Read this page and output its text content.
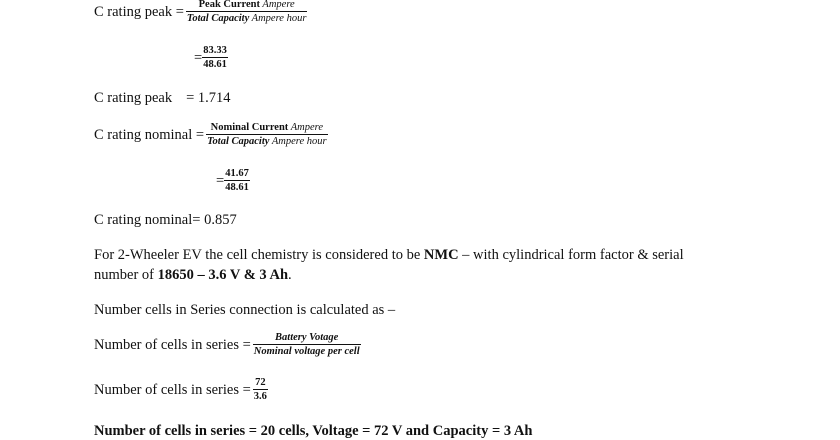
C rating peak = $\frac{\text{Peak Current Ampere}}{\text{Total Capacity Ampere hour}}$
= $\frac{83.33}{48.61}$
C rating peak = 1.714
C rating nominal = $\frac{\text{Nominal Current Ampere}}{\text{Total Capacity Ampere hour}}$
= $\frac{41.67}{48.61}$
C rating nominal= 0.857
For 2-Wheeler EV the cell chemistry is considered to be NMC – with cylindrical form factor & serial
number of 18650 – 3.6 V & 3 Ah.
Number cells in Series connection is calculated as –
Number of cells in series = $\frac{\text{Battery Votage}}{\text{Nominal voltage per cell}}$
Number of cells in series = $\frac{72}{3.6}$
Number of cells in series = 20 cells, Voltage = 72 V and Capacity = 3 Ah
